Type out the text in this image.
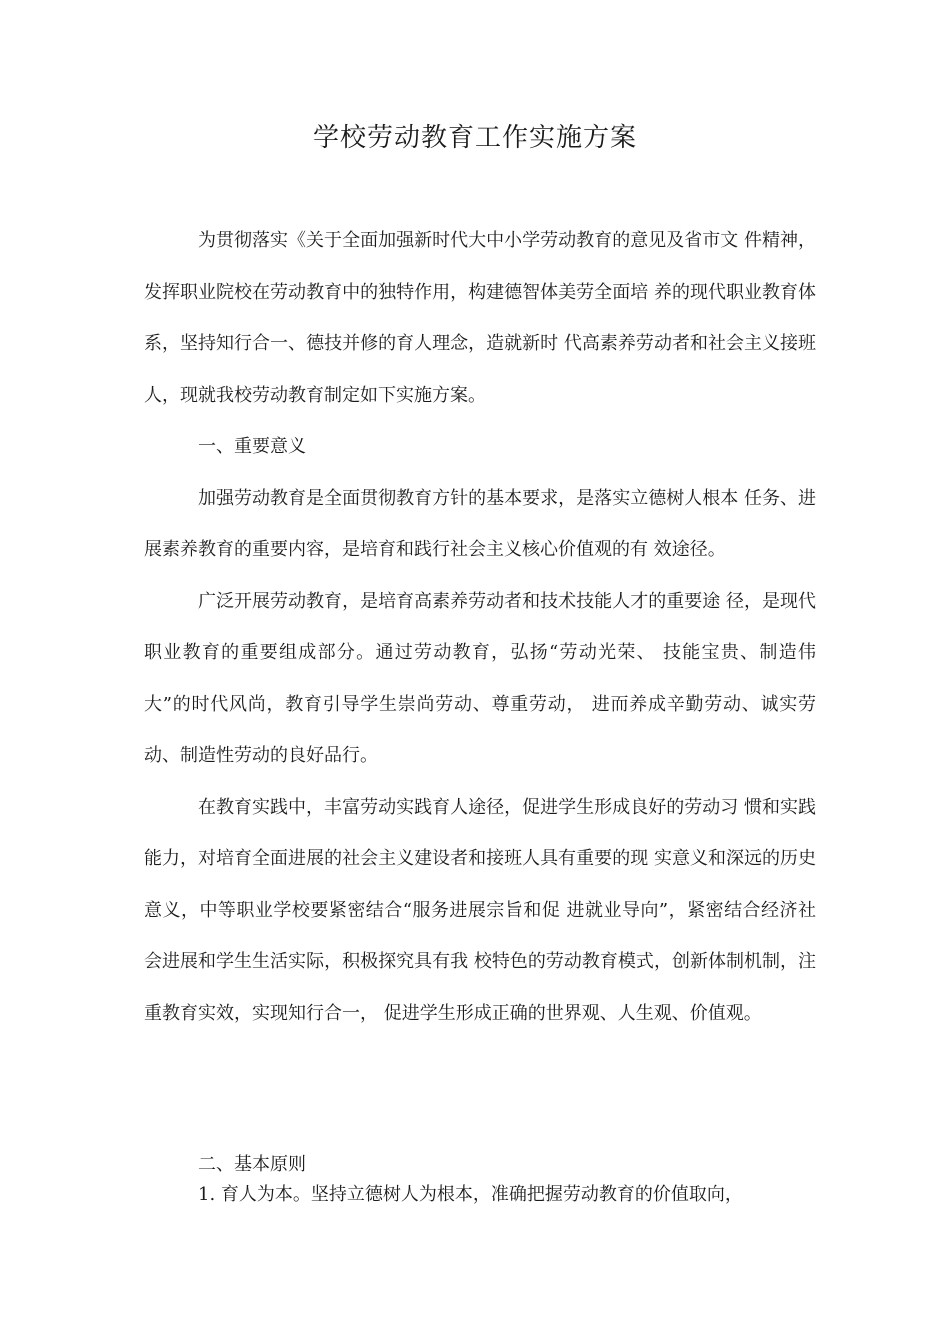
学校劳动教育工作实施方案

为贯彻落实《关于全面加强新时代大中小学劳动教育的意见及省市文 件精神，发挥职业院校在劳动教育中的独特作用，构建德智体美劳全面培 养的现代职业教育体系，坚持知行合一、德技并修的育人理念，造就新时 代高素养劳动者和社会主义接班人，现就我校劳动教育制定如下实施方案。

一、重要意义

加强劳动教育是全面贯彻教育方针的基本要求，是落实立德树人根本 任务、进展素养教育的重要内容，是培育和践行社会主义核心价值观的有 效途径。

广泛开展劳动教育，是培育高素养劳动者和技术技能人才的重要途 径，是现代职业教育的重要组成部分。通过劳动教育，弘扬“劳动光荣、 技能宝贵、制造伟大”的时代风尚，教育引导学生崇尚劳动、尊重劳动， 进而养成辛勤劳动、诚实劳动、制造性劳动的良好品行。

在教育实践中，丰富劳动实践育人途径，促进学生形成良好的劳动习 惯和实践能力，对培育全面进展的社会主义建设者和接班人具有重要的现 实意义和深远的历史意义，中等职业学校要紧密结合“服务进展宗旨和促 进就业导向”，紧密结合经济社会进展和学生生活实际，积极探究具有我 校特色的劳动教育模式，创新体制机制，注重教育实效，实现知行合一， 促进学生形成正确的世界观、人生观、价值观。

二、基本原则

1. 育人为本。坚持立德树人为根本，准确把握劳动教育的价值取向，
